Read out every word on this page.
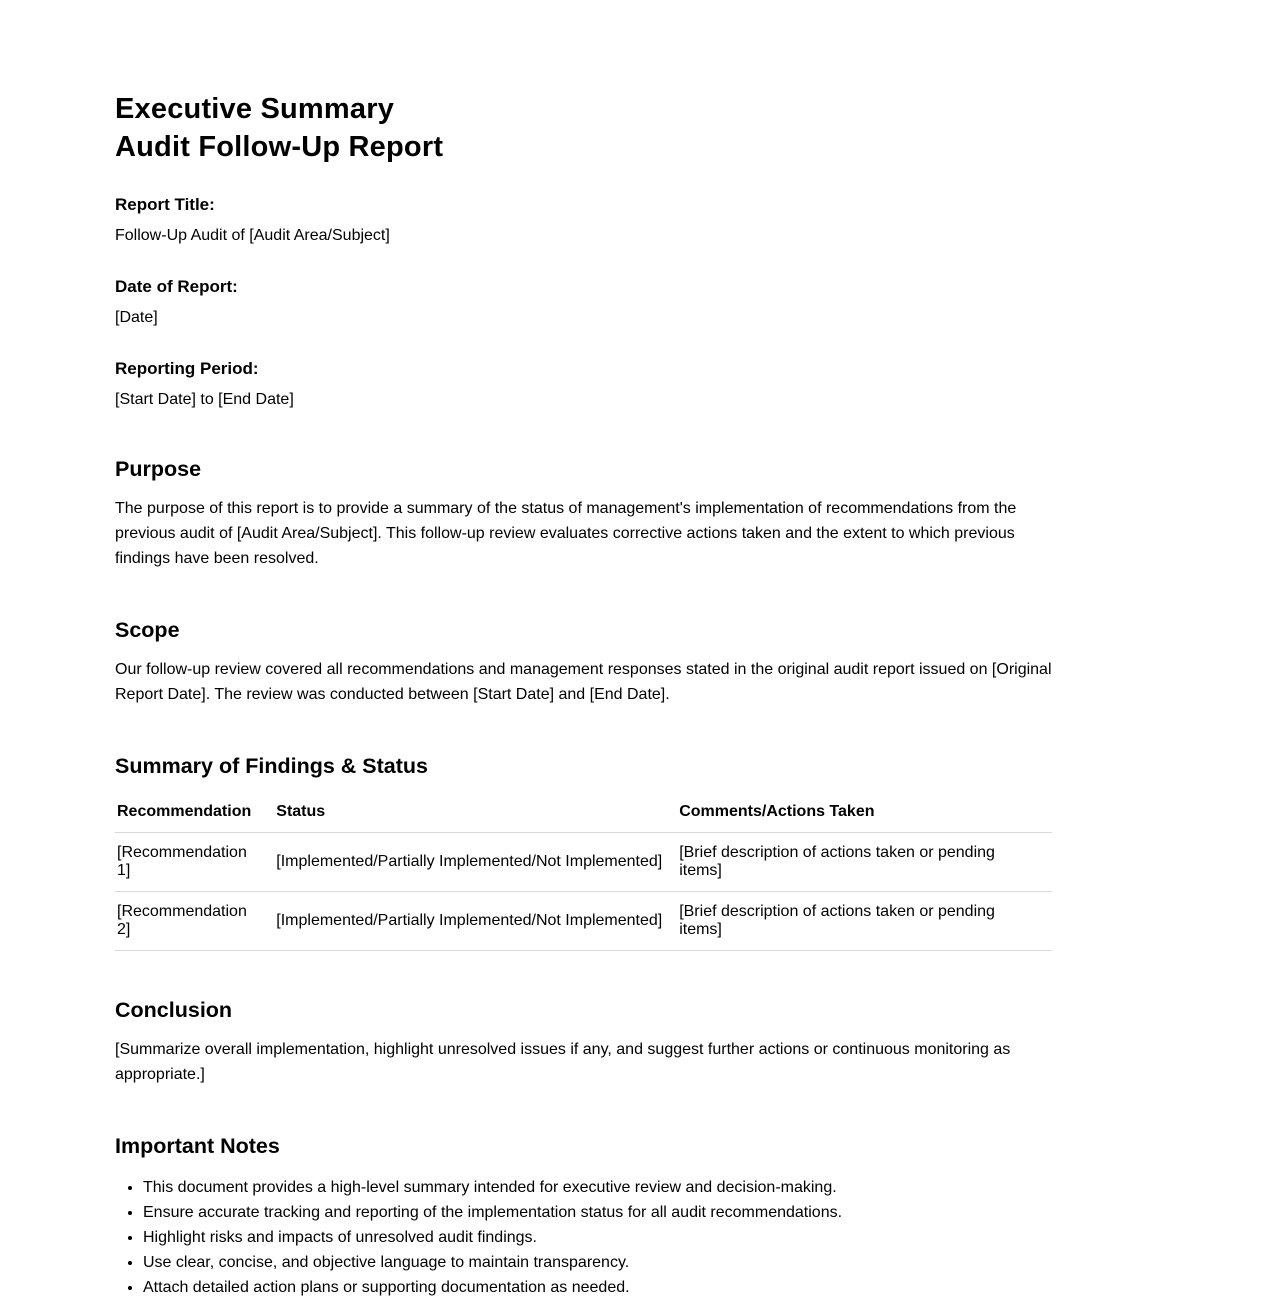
Executive Summary
Audit Follow-Up Report
Report Title:
Follow-Up Audit of [Audit Area/Subject]
Date of Report:
[Date]
Reporting Period:
[Start Date] to [End Date]
Purpose

The purpose of this report is to provide a summary of the status of management's implementation of recommendations from the previous audit of [Audit Area/Subject]. This follow-up review evaluates corrective actions taken and the extent to which previous findings have been resolved.

Scope

Our follow-up review covered all recommendations and management responses stated in the original audit report issued on [Original Report Date]. The review was conducted between [Start Date] and [End Date].

Summary of Findings & Status
Recommendation	Status	Comments/Actions Taken
[Recommendation 1]	[Implemented/Partially Implemented/Not Implemented]	[Brief description of actions taken or pending items]
[Recommendation 2]	[Implemented/Partially Implemented/Not Implemented]	[Brief description of actions taken or pending items]
Conclusion

[Summarize overall implementation, highlight unresolved issues if any, and suggest further actions or continuous monitoring as appropriate.]

Important Notes
• This document provides a high-level summary intended for executive review and decision-making.
• Ensure accurate tracking and reporting of the implementation status for all audit recommendations.
• Highlight risks and impacts of unresolved audit findings.
• Use clear, concise, and objective language to maintain transparency.
• Attach detailed action plans or supporting documentation as needed.
